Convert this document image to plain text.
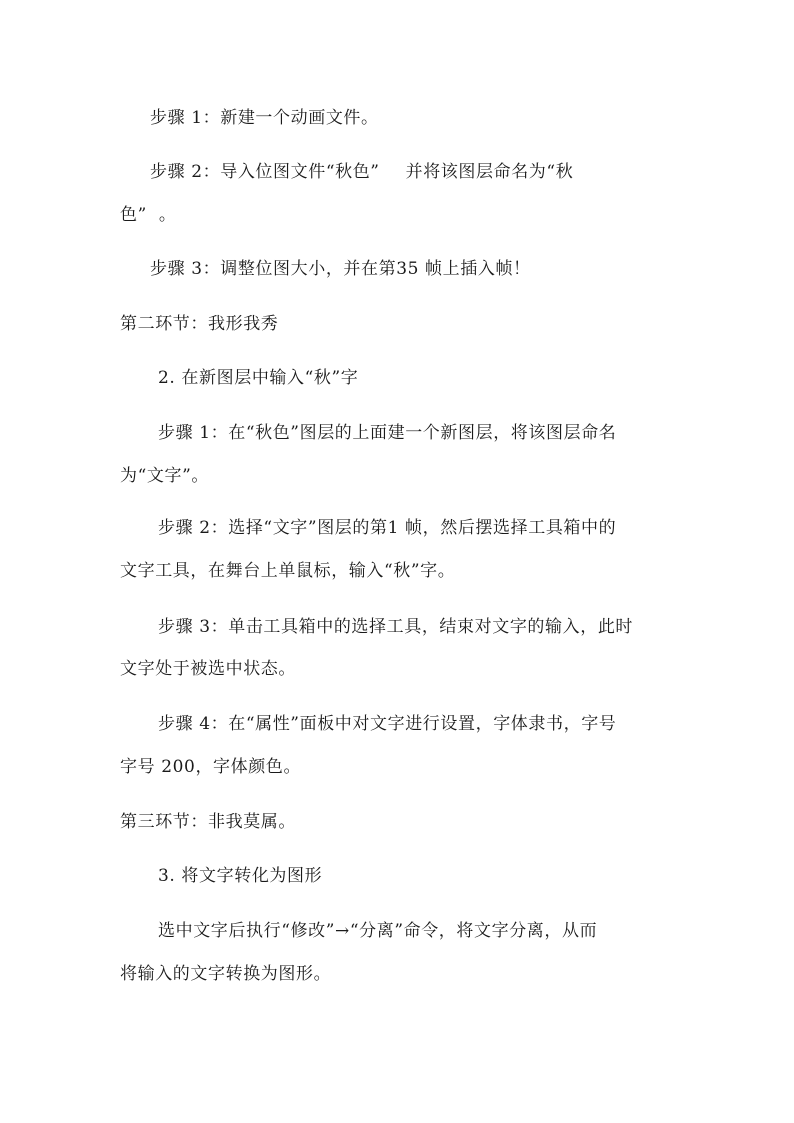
步骤 1：新建一个动画文件。
步骤 2：导入位图文件“秋色” 并将该图层命名为“秋
色”  。
步骤 3：调整位图大小，并在第35 帧上插入帧！
第二环节：我形我秀
2. 在新图层中输入“秋”字
步骤 1：在“秋色”图层的上面建一个新图层，将该图层命名
为“文字”。
步骤 2：选择“文字”图层的第1 帧，然后摆选择工具箱中的
文字工具，在舞台上单鼠标，输入“秋”字。
步骤 3：单击工具箱中的选择工具，结束对文字的输入，此时
文字处于被选中状态。
步骤 4：在“属性”面板中对文字进行设置，字体隶书，字号
字号 200，字体颜色。
第三环节：非我莫属。
3. 将文字转化为图形
选中文字后执行“修改”→“分离”命令，将文字分离，从而
将输入的文字转换为图形。
